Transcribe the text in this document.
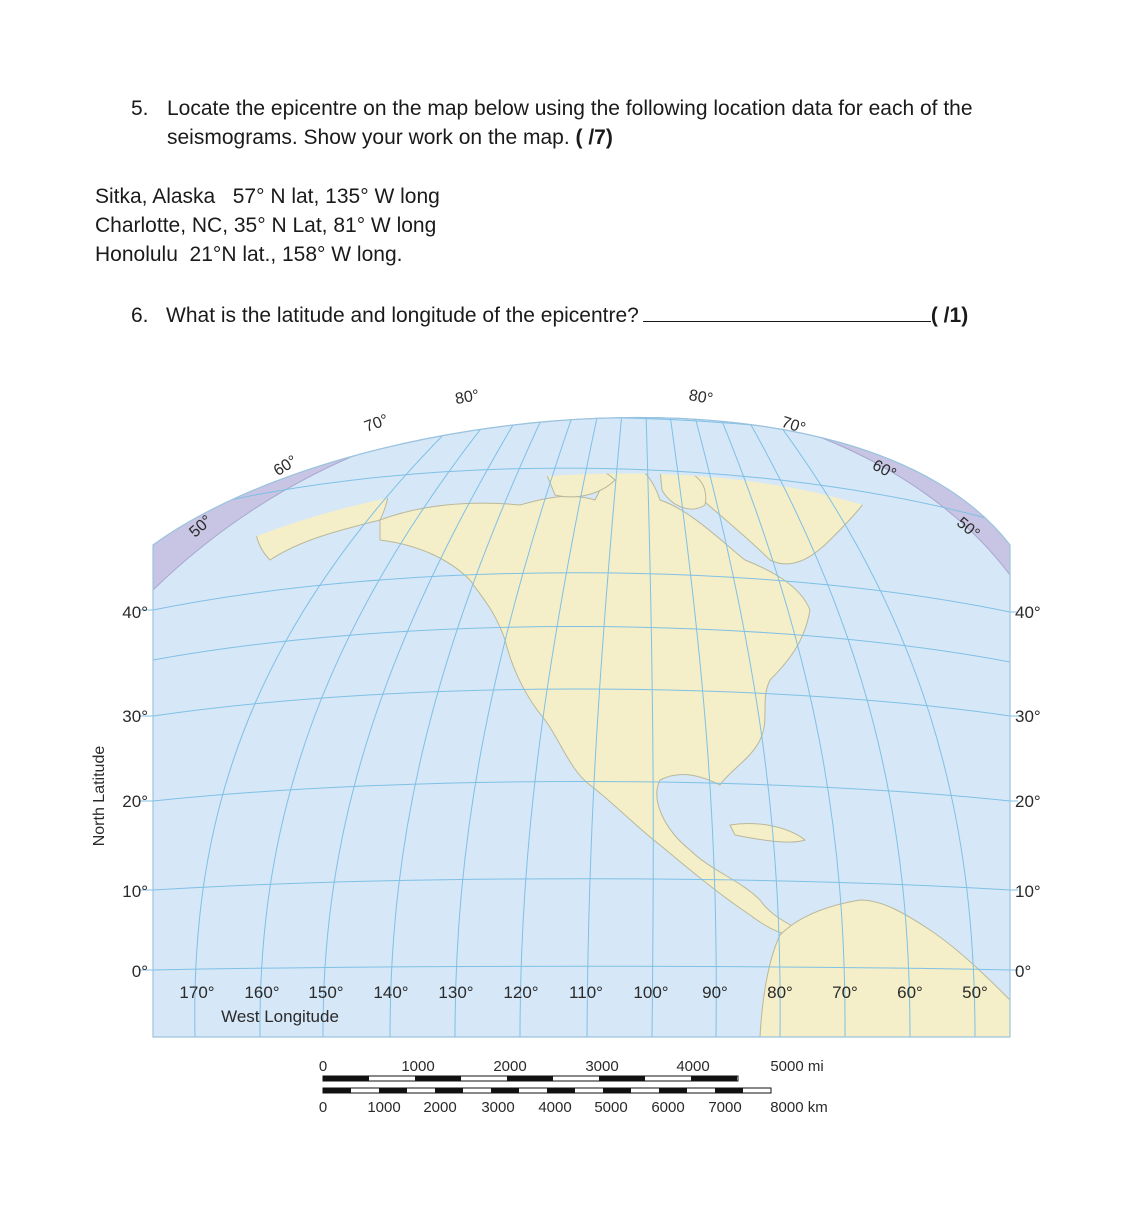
5. Locate the epicentre on the map below using the following location data for each of the
seismograms. Show your work on the map. ( /7)
Sitka, Alaska   57° N lat, 135° W long
Charlotte, NC, 35° N Lat, 81° W long
Honolulu  21°N lat., 158° W long.
6. What is the latitude and longitude of the epicentre?	( /1)
40°
30°
20°
10°
0°
40°
30°
20°
10°
0°
North Latitude
170° 160° 150° 140° 130° 120° 110° 100° 90° 80° 70° 60° 50°
West Longitude
50°
60°
70°
80°	80°
70°
60°
50°
0	1000	2000	3000	4000	5000 mi
0	1000 2000 3000 4000 5000 6000 7000 8000 km
